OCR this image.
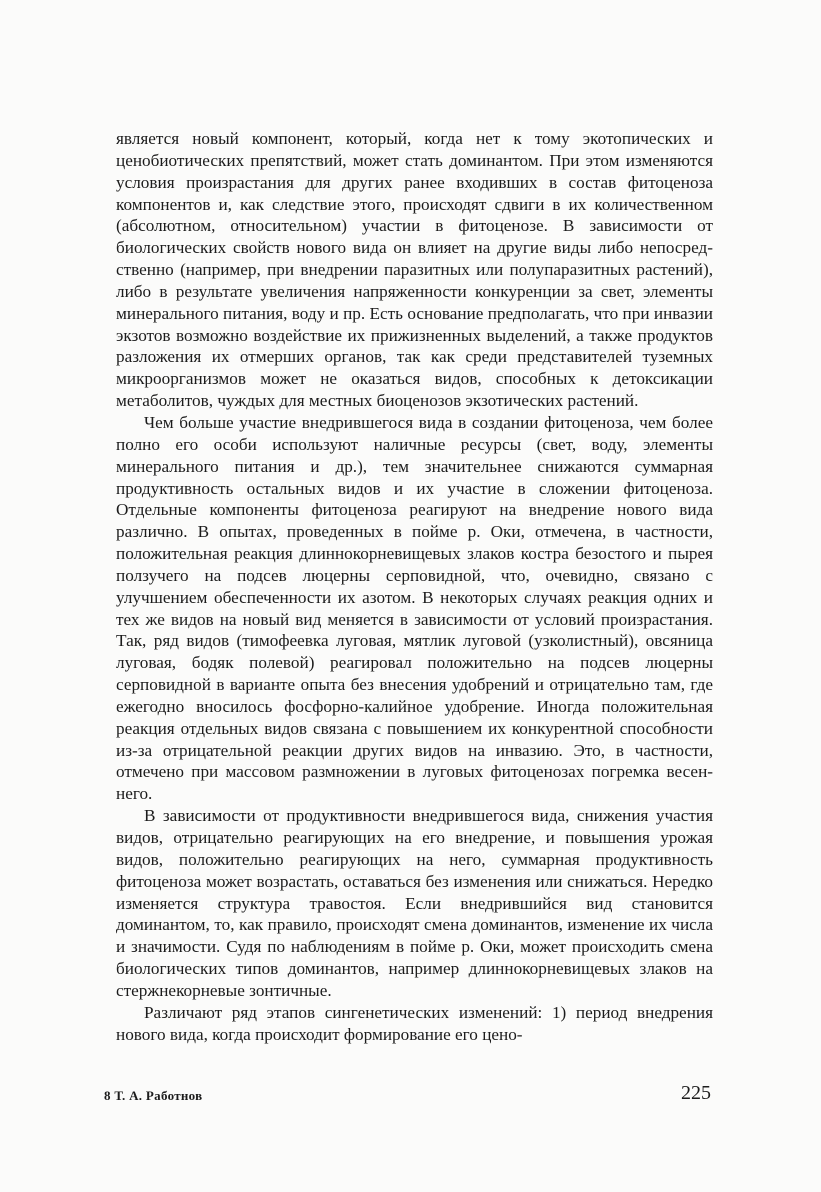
является новый компонент, который, когда нет к тому экотопических и ценобиотических препятствий, может стать доминантом. При этом изменяются условия произрастания для других ранее входивших в состав фитоценоза компонентов и, как следствие этого, происходят сдвиги в их количественном (абсолютном, относительном) участии в фитоценозе. В зависимости от биологических свойств нового вида он влияет на другие виды либо непосредственно (например, при внедрении паразитных или полупаразитных растений), либо в результате увеличения напряженности конкуренции за свет, элементы минерального питания, воду и пр. Есть основание предполагать, что при инвазии экзотов возможно воздействие их прижизненных выделений, а также продуктов разложения их отмерших органов, так как среди представителей туземных микроорганизмов может не оказаться видов, способных к детоксикации метаболитов, чуждых для местных биоценозов экзотических растений.

Чем больше участие внедрившегося вида в создании фитоценоза, чем более полно его особи используют наличные ресурсы (свет, воду, элементы минерального питания и др.), тем значительнее снижаются суммарная продуктивность остальных видов и их участие в сложении фитоценоза. Отдельные компоненты фитоценоза реагируют на внедрение нового вида различно. В опытах, проведенных в пойме р. Оки, отмечена, в частности, положительная реакция длиннокорневищевых злаков костра безостого и пырея ползучего на подсев люцерны серповидной, что, очевидно, связано с улучшением обеспеченности их азотом. В некоторых случаях реакция одних и тех же видов на новый вид меняется в зависимости от условий произрастания. Так, ряд видов (тимофеевка луговая, мятлик луговой (узколистный), овсяница луговая, бодяк полевой) реагировал положительно на подсев люцерны серповидной в варианте опыта без внесения удобрений и отрицательно там, где ежегодно вносилось фосфорно-калийное удобрение. Иногда положительная реакция отдельных видов связана с повышением их конкурентной способности из-за отрицательной реакции других видов на инвазию. Это, в частности, отмечено при массовом размножении в луговых фитоценозах погремка весеннего.

В зависимости от продуктивности внедрившегося вида, снижения участия видов, отрицательно реагирующих на его внедрение, и повышения урожая видов, положительно реагирующих на него, суммарная продуктивность фитоценоза может возрастать, оставаться без изменения или снижаться. Нередко изменяется структура травостоя. Если внедрившийся вид становится доминантом, то, как правило, происходят смена доминантов, изменение их числа и значимости. Судя по наблюдениям в пойме р. Оки, может происходить смена биологических типов доминантов, например длиннокорневищевых злаков на стержнекорневые зонтичные.

Различают ряд этапов сингенетических изменений: 1) период внедрения нового вида, когда происходит формирование его цено-

8 Т. А. Работнов	225
